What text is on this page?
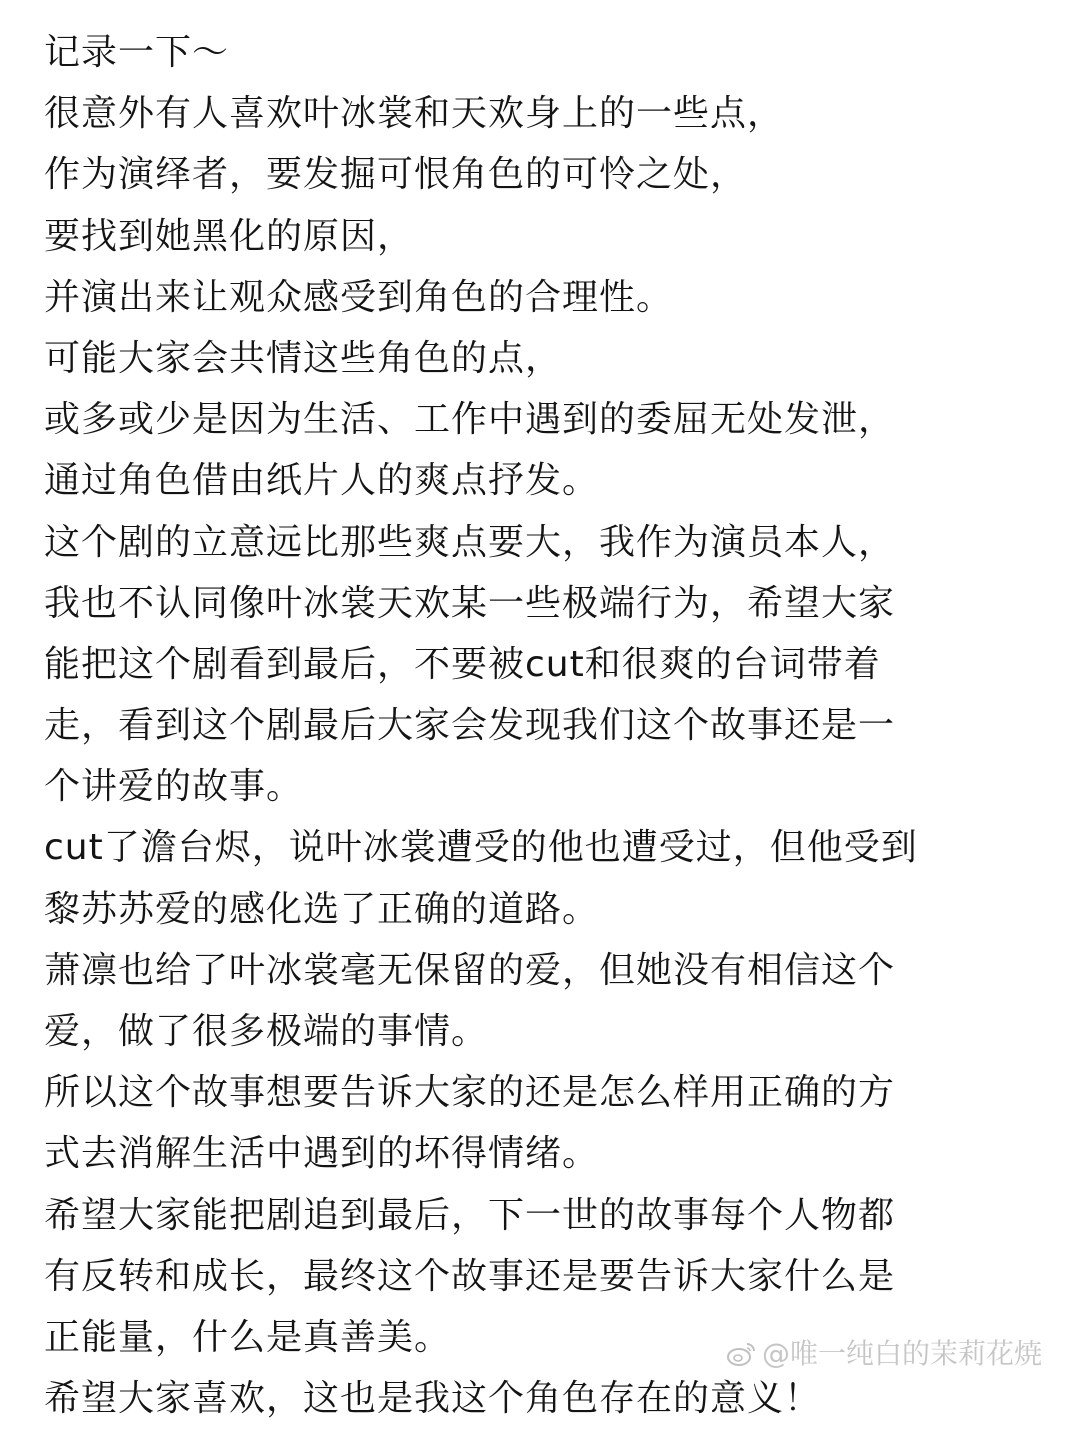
记录一下～
很意外有人喜欢叶冰裳和天欢身上的一些点，
作为演绎者，要发掘可恨角色的可怜之处，
要找到她黑化的原因，
并演出来让观众感受到角色的合理性。
可能大家会共情这些角色的点，
或多或少是因为生活、工作中遇到的委屈无处发泄，
通过角色借由纸片人的爽点抒发。
这个剧的立意远比那些爽点要大，我作为演员本人，
我也不认同像叶冰裳天欢某一些极端行为，希望大家
能把这个剧看到最后，不要被cut和很爽的台词带着
走，看到这个剧最后大家会发现我们这个故事还是一
个讲爱的故事。
cut了澹台烬，说叶冰裳遭受的他也遭受过，但他受到
黎苏苏爱的感化选了正确的道路。
萧凛也给了叶冰裳毫无保留的爱，但她没有相信这个
爱，做了很多极端的事情。
所以这个故事想要告诉大家的还是怎么样用正确的方
式去消解生活中遇到的坏得情绪。
希望大家能把剧追到最后，下一世的故事每个人物都
有反转和成长，最终这个故事还是要告诉大家什么是
正能量，什么是真善美。
希望大家喜欢，这也是我这个角色存在的意义！
@唯一纯白的茉莉花焼
